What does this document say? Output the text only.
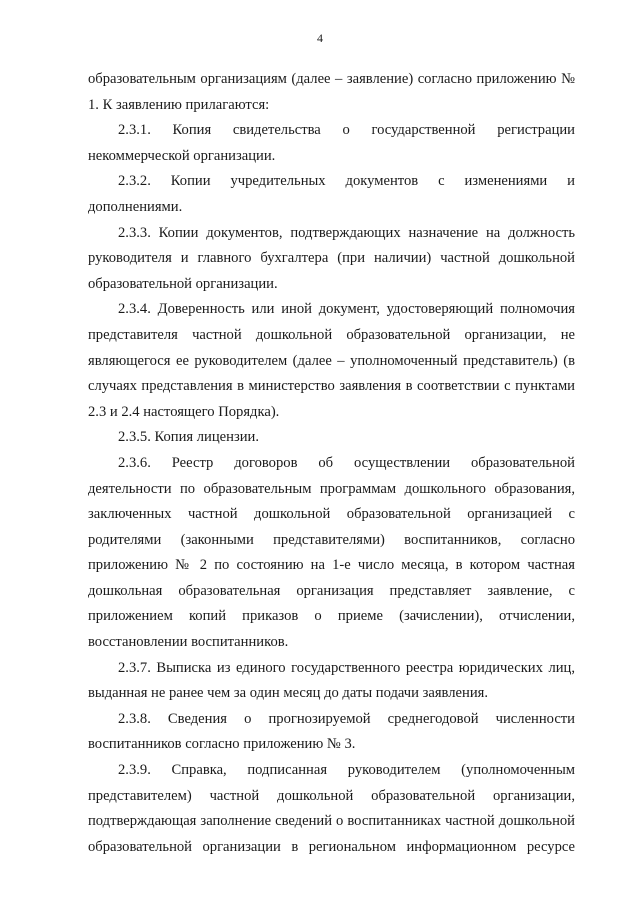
4

образовательным организациям (далее – заявление) согласно приложению № 1. К заявлению прилагаются:

2.3.1. Копия свидетельства о государственной регистрации некоммерческой организации.

2.3.2. Копии учредительных документов с изменениями и дополнениями.

2.3.3. Копии документов, подтверждающих назначение на должность руководителя и главного бухгалтера (при наличии) частной дошкольной образовательной организации.

2.3.4. Доверенность или иной документ, удостоверяющий полномочия представителя частной дошкольной образовательной организации, не являющегося ее руководителем (далее – уполномоченный представитель) (в случаях представления в министерство заявления в соответствии с пунктами 2.3 и 2.4 настоящего Порядка).

2.3.5. Копия лицензии.

2.3.6. Реестр договоров об осуществлении образовательной деятельности по образовательным программам дошкольного образования, заключенных частной дошкольной образовательной организацией с родителями (законными представителями) воспитанников, согласно приложению № 2 по состоянию на 1-е число месяца, в котором частная дошкольная образовательная организация представляет заявление, с приложением копий приказов о приеме (зачислении), отчислении, восстановлении воспитанников.

2.3.7. Выписка из единого государственного реестра юридических лиц, выданная не ранее чем за один месяц до даты подачи заявления.

2.3.8. Сведения о прогнозируемой среднегодовой численности воспитанников согласно приложению № 3.

2.3.9. Справка, подписанная руководителем (уполномоченным представителем) частной дошкольной образовательной организации, подтверждающая заполнение сведений о воспитанниках частной дошкольной образовательной организации в региональном информационном ресурсе
